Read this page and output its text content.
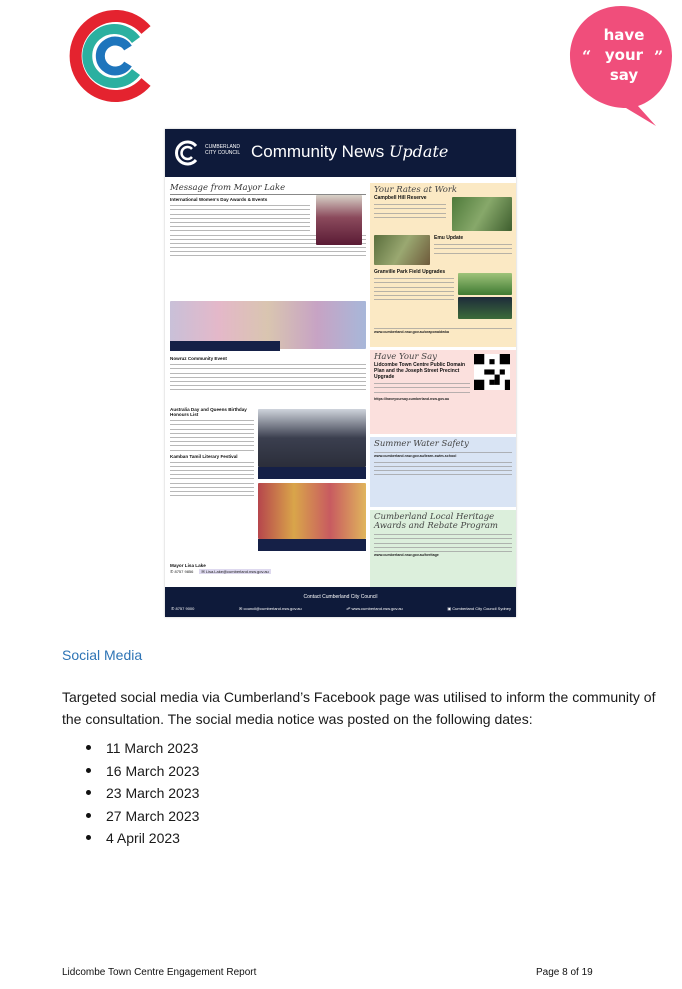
have
your
say
“	”
CUMBERLAND CITY COUNCIL Community News Update
Message from Mayor Lake
International Women's Day Awards & Events
Nowruz Community Event
Australia Day and Queens Birthday Honours List
Kamban Tamil Literary Festival
Mayor Lisa Lake
✆ 8757 9856	✉ Lisa.Lake@cumberland.nsw.gov.au
Your Rates at Work
Campbell Hill Reserve
Emu Update
Granville Park Field Upgrades
www.cumberland.nsw.gov.au/oraponaidwka
Have Your Say
Lidcombe Town Centre Public Domain Plan and the Joseph Street Precinct Upgrade
https://haveyoursay.cumberland.nsw.gov.au
Summer Water Safety
www.cumberland.nsw.gov.au/learn-swim-school
Cumberland Local Heritage Awards and Rebate Program
www.cumberland.nsw.gov.au/heritage
Contact Cumberland City Council
✆ 8757 9000	✉ council@cumberland.nsw.gov.au	☍ www.cumberland.nsw.gov.au	▣ Cumberland City Council Sydney
Social Media
Targeted social media via Cumberland’s Facebook page was utilised to inform the community of the consultation. The social media notice was posted on the following dates:
11 March 2023
16 March 2023
23 March 2023
27 March 2023
4 April 2023
Lidcombe Town Centre Engagement Report	Page 8 of 19
